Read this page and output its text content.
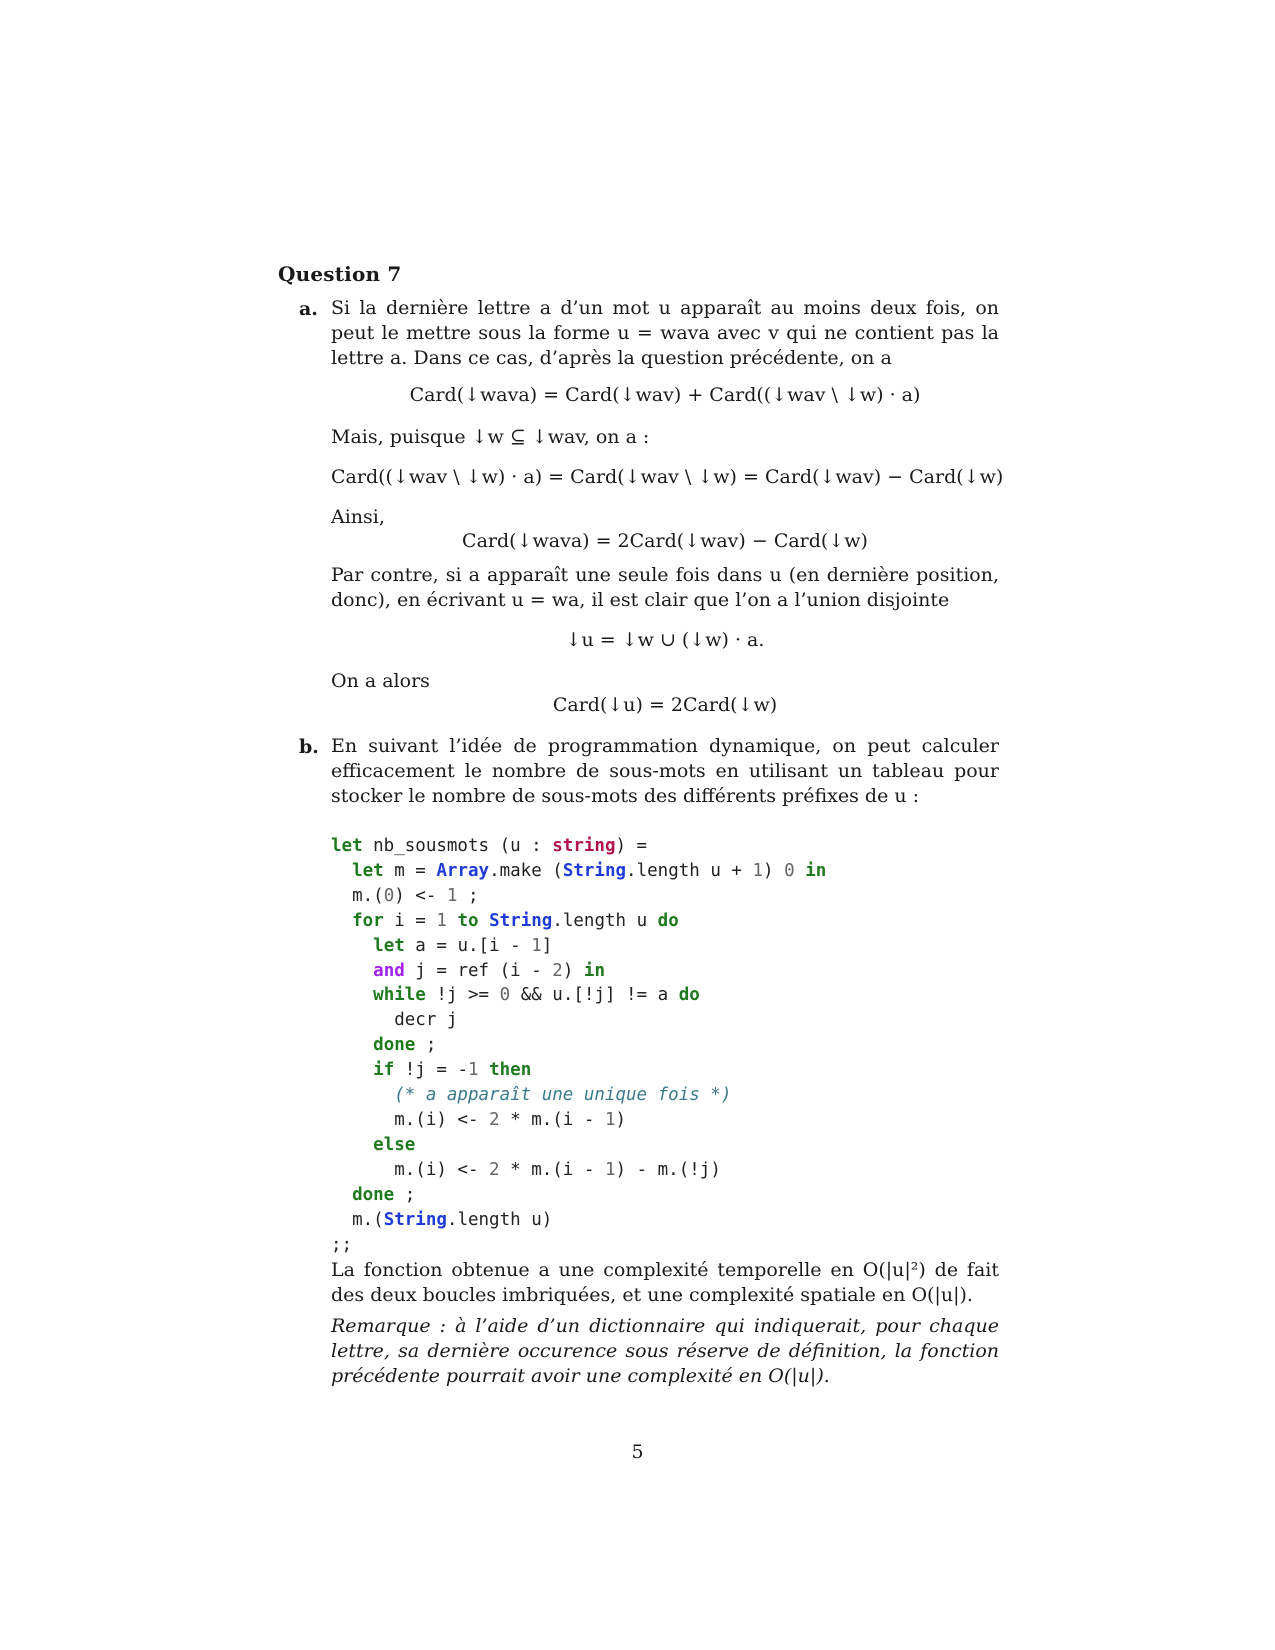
Question 7
a. Si la dernière lettre a d’un mot u apparaît au moins deux fois, on peut le mettre sous la forme u = wava avec v qui ne contient pas la lettre a. Dans ce cas, d’après la question précédente, on a
Card(↓wava) = Card(↓wav) + Card((↓wav \ ↓w) · a)
Mais, puisque ↓w ⊆ ↓wav, on a :
Card((↓wav \ ↓w) · a) = Card(↓wav \ ↓w) = Card(↓wav) − Card(↓w)
Ainsi,
Card(↓wava) = 2Card(↓wav) − Card(↓w)
Par contre, si a apparaît une seule fois dans u (en dernière position, donc), en écrivant u = wa, il est clair que l’on a l’union disjointe
↓u = ↓w ∪ (↓w) · a.
On a alors
Card(↓u) = 2Card(↓w)
b. En suivant l’idée de programmation dynamique, on peut calculer efficacement le nombre de sous-mots en utilisant un tableau pour stocker le nombre de sous-mots des différents préfixes de u :
let nb_sousmots (u : string) =
let m = Array.make (String.length u + 1) 0 in
m.(0) <- 1 ;
for i = 1 to String.length u do
let a = u.[i - 1]
and j = ref (i - 2) in
while !j >= 0 && u.[!j] != a do
decr j
done ;
if !j = -1 then
(* a apparaît une unique fois *)
m.(i) <- 2 * m.(i - 1)
else
m.(i) <- 2 * m.(i - 1) - m.(!j)
done ;
m.(String.length u)
;;
La fonction obtenue a une complexité temporelle en O(|u|²) de fait des deux boucles imbriquées, et une complexité spatiale en O(|u|).
Remarque : à l’aide d’un dictionnaire qui indiquerait, pour chaque lettre, sa dernière occurence sous réserve de définition, la fonction précédente pourrait avoir une complexité en O(|u|).
5
